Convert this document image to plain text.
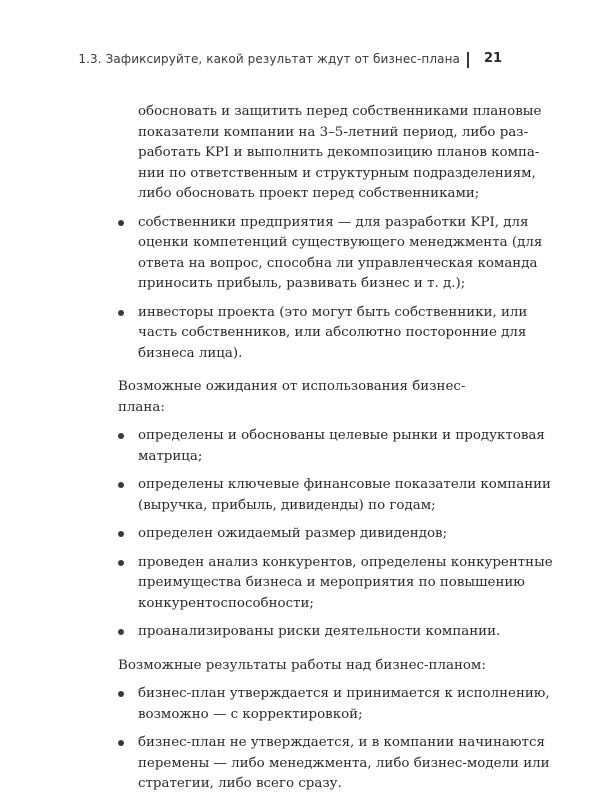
1.3. Зафиксируйте, какой результат ждут от бизнес-плана 21

обосновать и защитить перед собственниками плановые
показатели компании на 3–5-летний период, либо раз-
работать KPI и выполнить декомпозицию планов компа-
нии по ответственным и структурным подразделениям,
либо обосновать проект перед собственниками;

собственники предприятия — для разработки KPI, для
оценки компетенций существующего менеджмента (для
ответа на вопрос, способна ли управленческая команда
приносить прибыль, развивать бизнес и т. д.);
инвесторы проекта (это могут быть собственники, или
часть собственников, или абсолютно посторонние для
бизнеса лица).

Возможные ожидания от использования бизнес-плана:

определены и обоснованы целевые рынки и продуктовая
матрица;
определены ключевые финансовые показатели компании
(выручка, прибыль, дивиденды) по годам;
определен ожидаемый размер дивидендов;
проведен анализ конкурентов, определены конкурентные
преимущества бизнеса и мероприятия по повышению
конкурентоспособности;
проанализированы риски деятельности компании.

Возможные результаты работы над бизнес-планом:

бизнес-план утверждается и принимается к исполнению,
возможно — с корректировкой;
бизнес-план не утверждается, и в компании начинаются
перемены — либо менеджмента, либо бизнес-модели или
стратегии, либо всего сразу.
